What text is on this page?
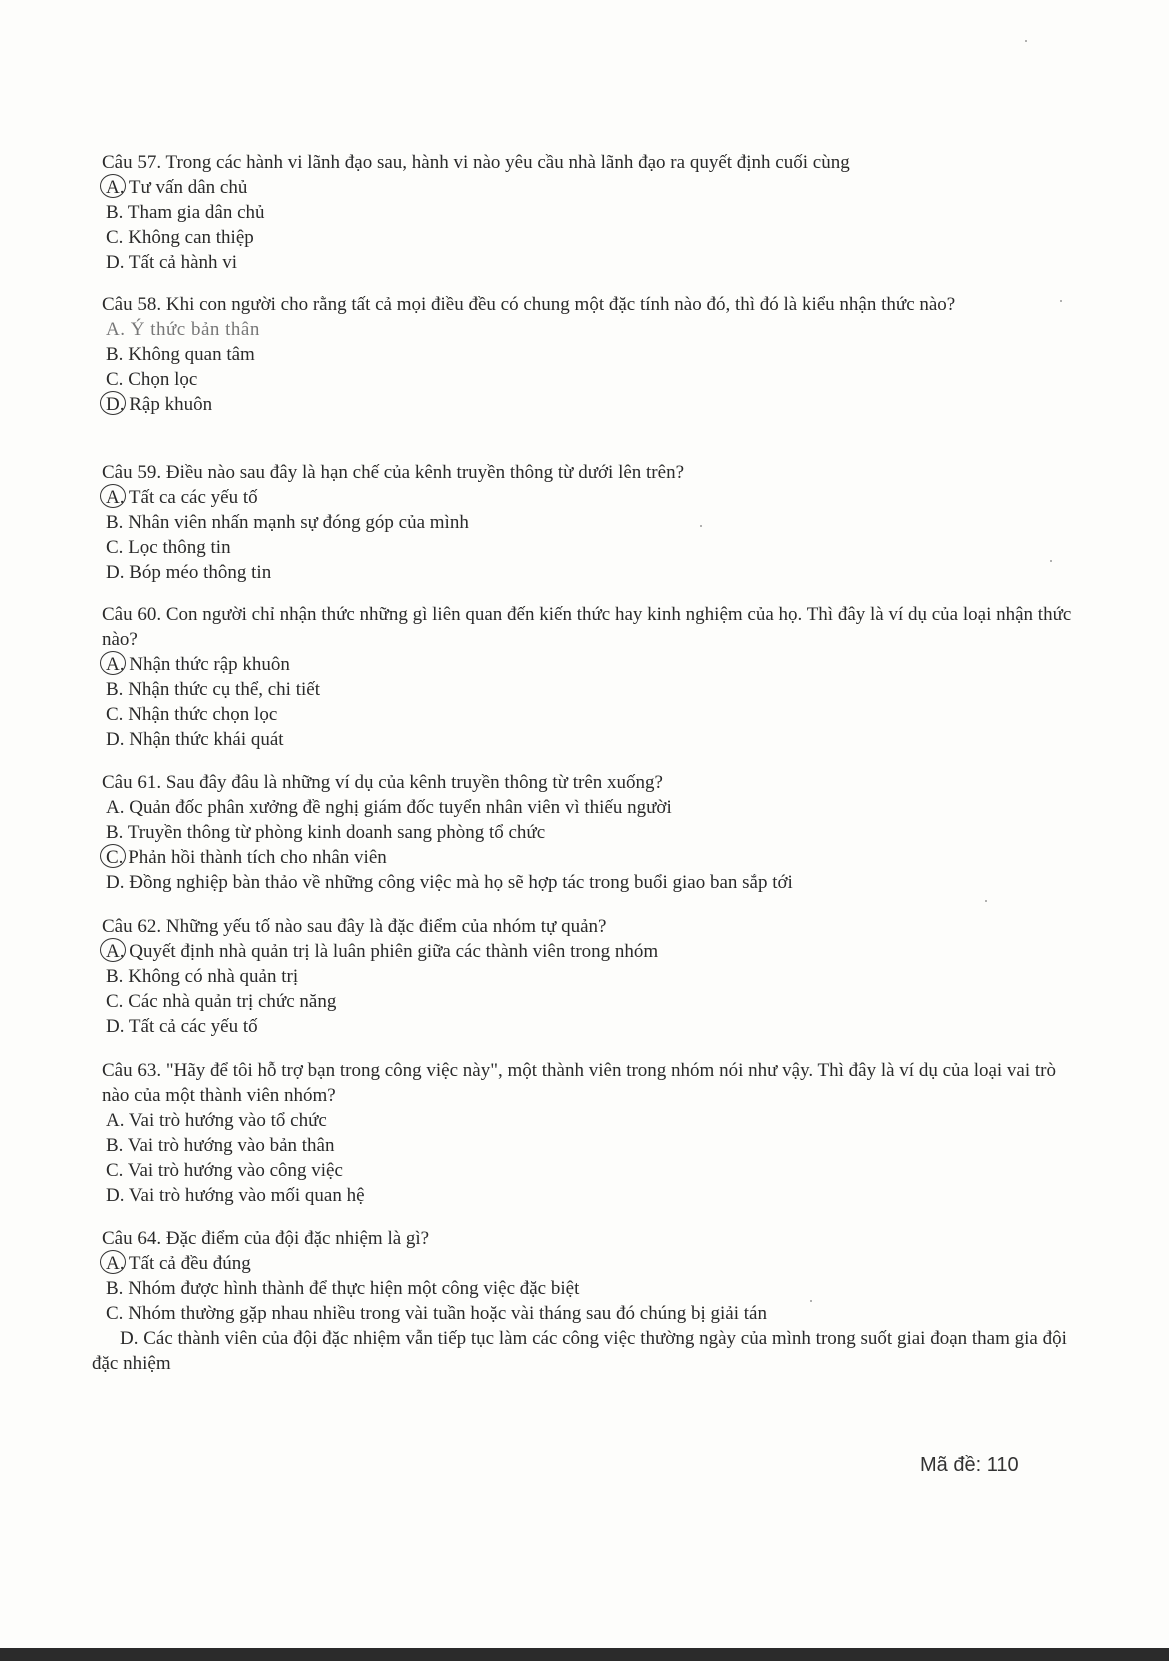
Câu 57. Trong các hành vi lãnh đạo sau, hành vi nào yêu cầu nhà lãnh đạo ra quyết định cuối cùng

A. Tư vấn dân chủ
B. Tham gia dân chủ
C. Không can thiệp
D. Tất cả hành vi

Câu 58. Khi con người cho rằng tất cả mọi điều đều có chung một đặc tính nào đó, thì đó là kiểu nhận thức nào?

A. Ý thức bản thân
B. Không quan tâm
C. Chọn lọc
D. Rập khuôn

Câu 59. Điều nào sau đây là hạn chế của kênh truyền thông từ dưới lên trên?

A. Tất ca các yếu tố
B. Nhân viên nhấn mạnh sự đóng góp của mình
C. Lọc thông tin
D. Bóp méo thông tin

Câu 60. Con người chỉ nhận thức những gì liên quan đến kiến thức hay kinh nghiệm của họ. Thì đây là ví dụ của loại nhận thức nào?

A. Nhận thức rập khuôn
B. Nhận thức cụ thể, chi tiết
C. Nhận thức chọn lọc
D. Nhận thức khái quát

Câu 61. Sau đây đâu là những ví dụ của kênh truyền thông từ trên xuống?

A. Quản đốc phân xưởng đề nghị giám đốc tuyển nhân viên vì thiếu người
B. Truyền thông từ phòng kinh doanh sang phòng tổ chức
C. Phản hồi thành tích cho nhân viên
D. Đồng nghiệp bàn thảo về những công việc mà họ sẽ hợp tác trong buổi giao ban sắp tới

Câu 62. Những yếu tố nào sau đây là đặc điểm của nhóm tự quản?

A. Quyết định nhà quản trị là luân phiên giữa các thành viên trong nhóm
B. Không có nhà quản trị
C. Các nhà quản trị chức năng
D. Tất cả các yếu tố

Câu 63. "Hãy để tôi hỗ trợ bạn trong công việc này", một thành viên trong nhóm nói như vậy. Thì đây là ví dụ của loại vai trò nào của một thành viên nhóm?

A. Vai trò hướng vào tổ chức
B. Vai trò hướng vào bản thân
C. Vai trò hướng vào công việc
D. Vai trò hướng vào mối quan hệ

Câu 64. Đặc điểm của đội đặc nhiệm là gì?

A. Tất cả đều đúng
B. Nhóm được hình thành để thực hiện một công việc đặc biệt
C. Nhóm thường gặp nhau nhiều trong vài tuần hoặc vài tháng sau đó chúng bị giải tán
D. Các thành viên của đội đặc nhiệm vẫn tiếp tục làm các công việc thường ngày của mình trong suốt giai đoạn tham gia đội đặc nhiệm
Mã đề: 110
